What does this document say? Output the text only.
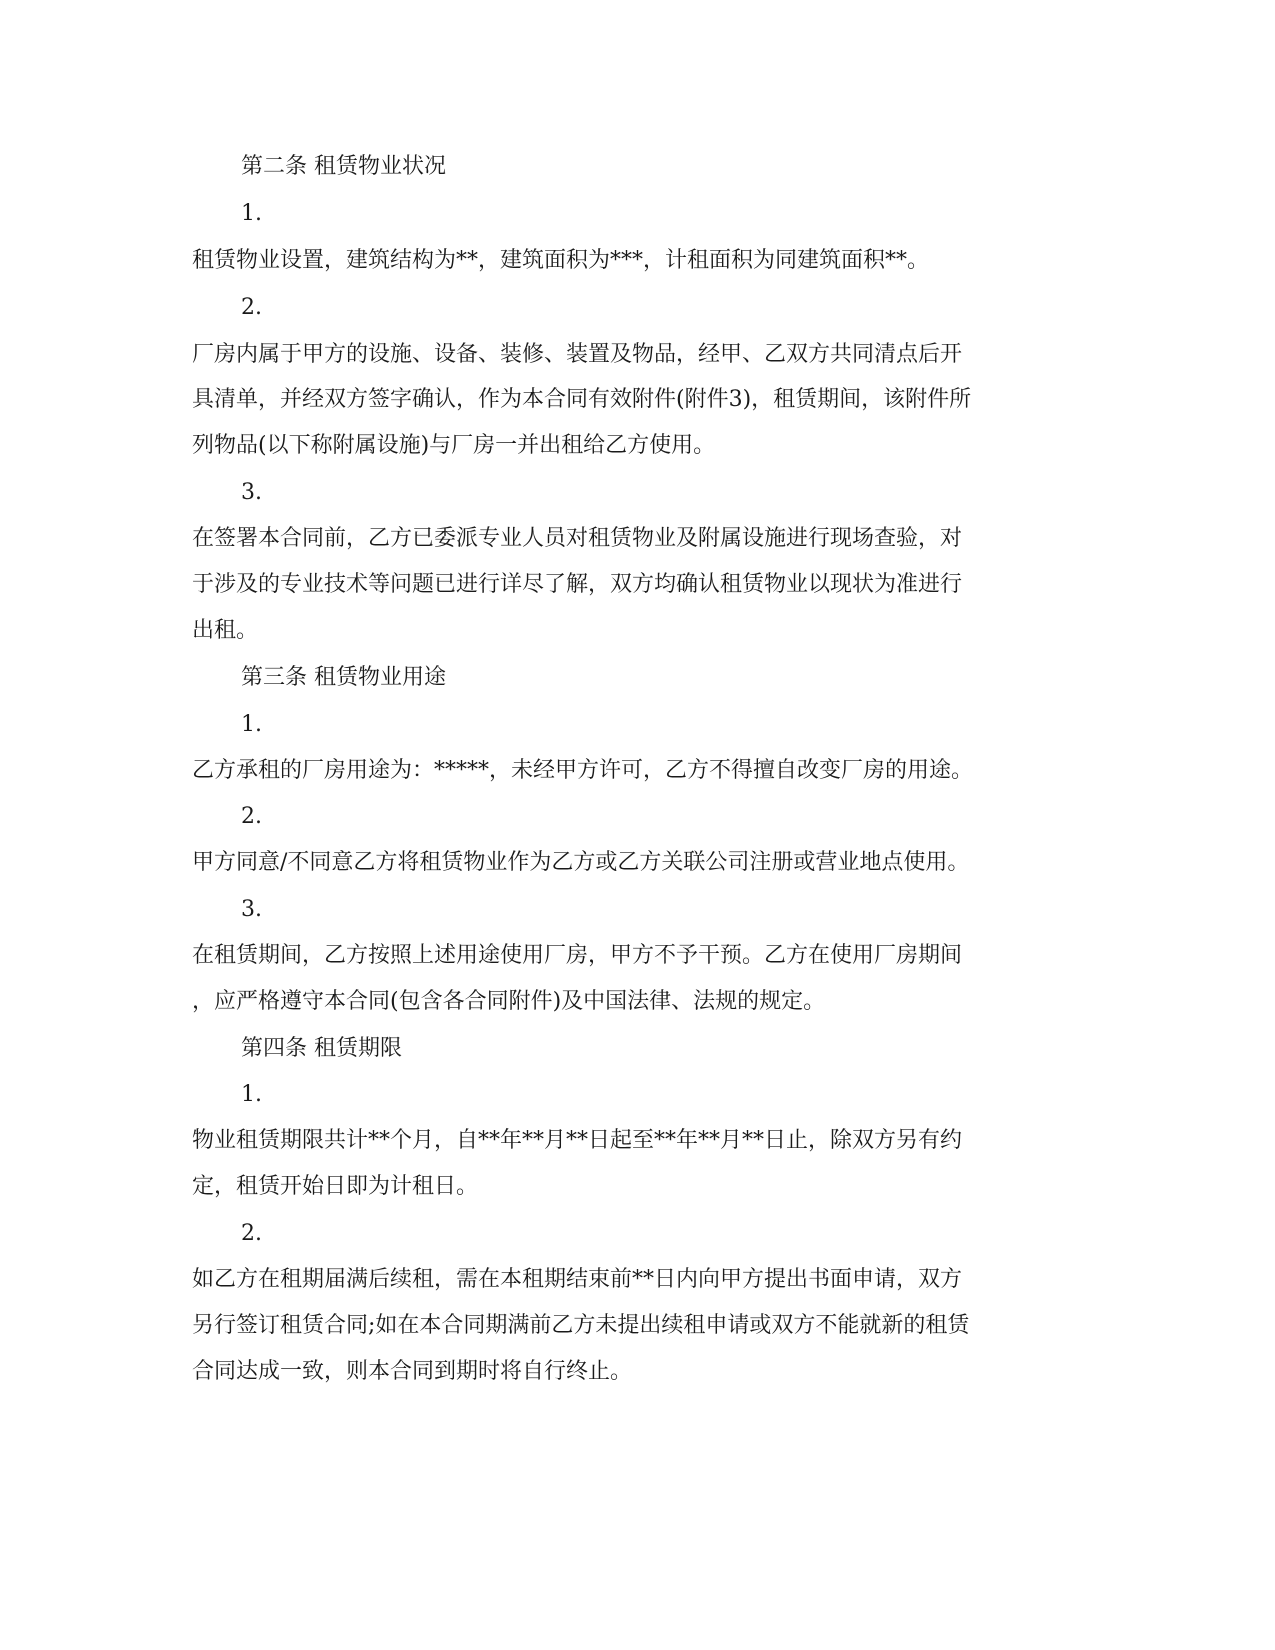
第二条 租赁物业状况
1.
租赁物业设置，建筑结构为**，建筑面积为***，计租面积为同建筑面积**。
2.
厂房内属于甲方的设施、设备、装修、装置及物品，经甲、乙双方共同清点后开
具清单，并经双方签字确认，作为本合同有效附件(附件3)，租赁期间，该附件所
列物品(以下称附属设施)与厂房一并出租给乙方使用。
3.
在签署本合同前，乙方已委派专业人员对租赁物业及附属设施进行现场查验，对
于涉及的专业技术等问题已进行详尽了解，双方均确认租赁物业以现状为准进行
出租。
第三条 租赁物业用途
1.
乙方承租的厂房用途为：*****，未经甲方许可，乙方不得擅自改变厂房的用途。
2.
甲方同意/不同意乙方将租赁物业作为乙方或乙方关联公司注册或营业地点使用。
3.
在租赁期间，乙方按照上述用途使用厂房，甲方不予干预。乙方在使用厂房期间
，应严格遵守本合同(包含各合同附件)及中国法律、法规的规定。
第四条 租赁期限
1.
物业租赁期限共计**个月，自**年**月**日起至**年**月**日止，除双方另有约
定，租赁开始日即为计租日。
2.
如乙方在租期届满后续租，需在本租期结束前**日内向甲方提出书面申请，双方
另行签订租赁合同;如在本合同期满前乙方未提出续租申请或双方不能就新的租赁
合同达成一致，则本合同到期时将自行终止。
